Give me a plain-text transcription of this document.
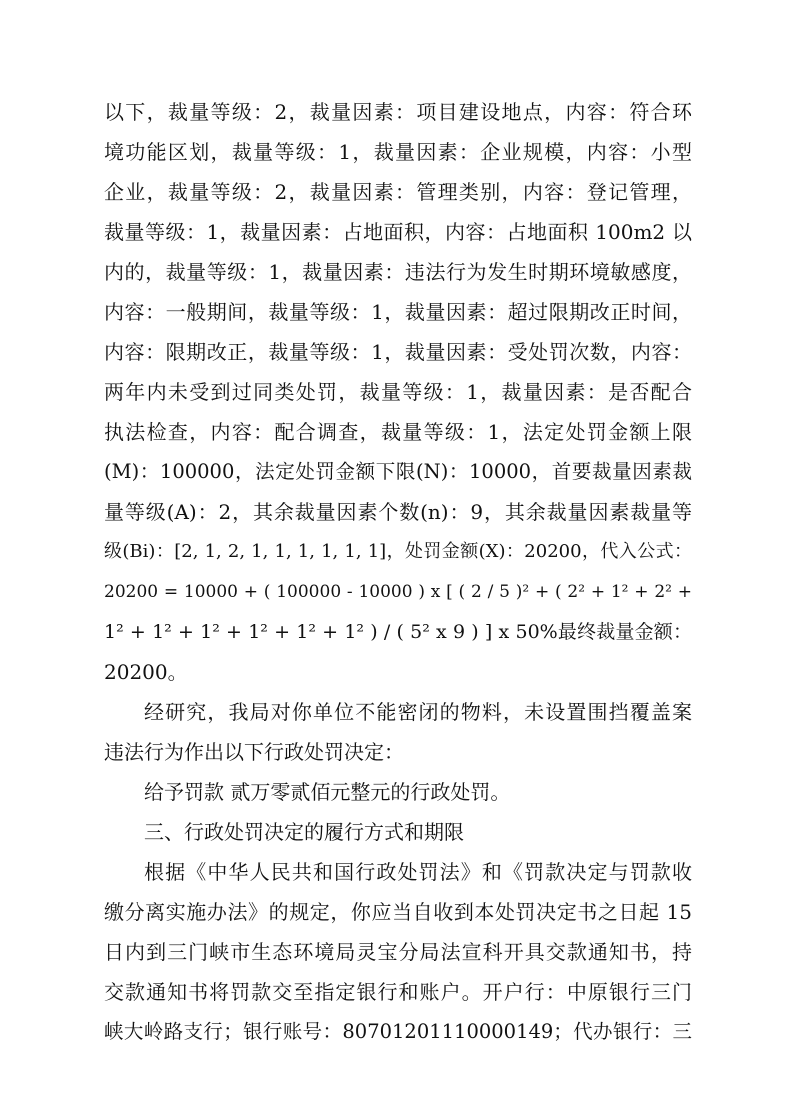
以下，裁量等级：2，裁量因素：项目建设地点，内容：符合环
境功能区划，裁量等级：1，裁量因素：企业规模，内容：小型
企业，裁量等级：2，裁量因素：管理类别，内容：登记管理，
裁量等级：1，裁量因素：占地面积，内容：占地面积 100m2 以
内的，裁量等级：1，裁量因素：违法行为发生时期环境敏感度，
内容：一般期间，裁量等级：1，裁量因素：超过限期改正时间，
内容：限期改正，裁量等级：1，裁量因素：受处罚次数，内容：
两年内未受到过同类处罚，裁量等级：1，裁量因素：是否配合
执法检查，内容：配合调查，裁量等级：1，法定处罚金额上限
(M)：100000，法定处罚金额下限(N)：10000，首要裁量因素裁
量等级(A)：2，其余裁量因素个数(n)：9，其余裁量因素裁量等
级(Bi)：[2, 1, 2, 1, 1, 1, 1, 1, 1]，处罚金额(X)：20200，代入公式：
20200 = 10000 + ( 100000 - 10000 ) x [ ( 2 / 5 )² + ( 2² + 1² + 2² +
1² + 1² + 1² + 1² + 1² + 1² ) / ( 5² x 9 ) ] x 50%最终裁量金额：
20200。
经研究，我局对你单位不能密闭的物料，未设置围挡覆盖案
违法行为作出以下行政处罚决定：
给予罚款 贰万零贰佰元整元的行政处罚。
三、行政处罚决定的履行方式和期限
根据《中华人民共和国行政处罚法》和《罚款决定与罚款收
缴分离实施办法》的规定，你应当自收到本处罚决定书之日起 15
日内到三门峡市生态环境局灵宝分局法宣科开具交款通知书，持
交款通知书将罚款交至指定银行和账户。开户行：中原银行三门
峡大岭路支行；银行账号：80701201110000149；代办银行：三
